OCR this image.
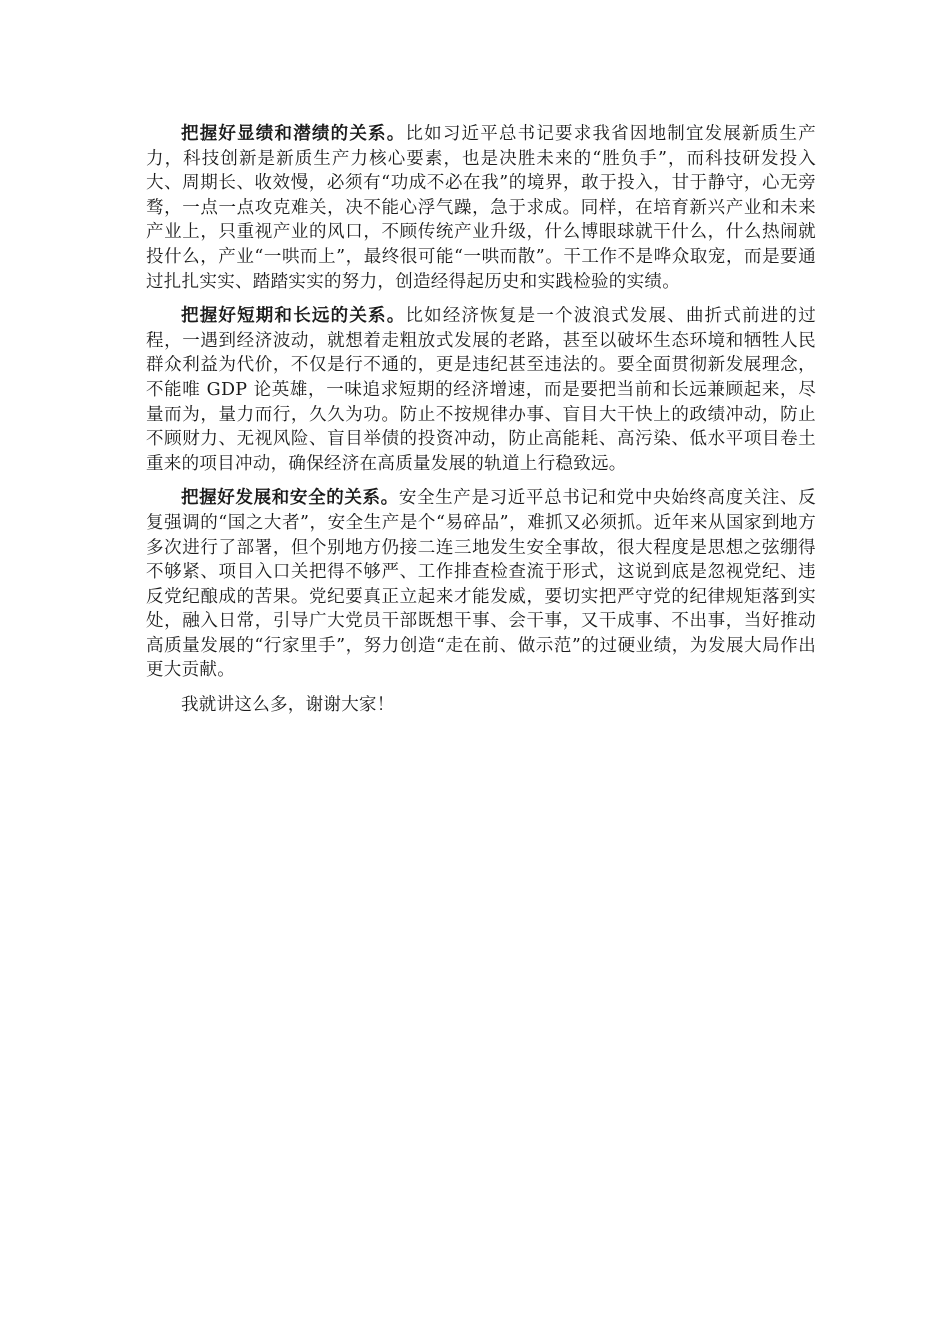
把握好显绩和潜绩的关系。比如习近平总书记要求我省因地制宜发展新质生产力，科技创新是新质生产力核心要素，也是决胜未来的“胜负手”，而科技研发投入大、周期长、收效慢，必须有“功成不必在我”的境界，敢于投入，甘于静守，心无旁骛，一点一点攻克难关，决不能心浮气躁，急于求成。同样，在培育新兴产业和未来产业上，只重视产业的风口，不顾传统产业升级，什么博眼球就干什么，什么热闹就投什么，产业“一哄而上”，最终很可能“一哄而散”。干工作不是哗众取宠，而是要通过扎扎实实、踏踏实实的努力，创造经得起历史和实践检验的实绩。

把握好短期和长远的关系。比如经济恢复是一个波浪式发展、曲折式前进的过程，一遇到经济波动，就想着走粗放式发展的老路，甚至以破坏生态环境和牺牲人民群众利益为代价，不仅是行不通的，更是违纪甚至违法的。要全面贯彻新发展理念，不能唯 GDP 论英雄，一味追求短期的经济增速，而是要把当前和长远兼顾起来，尽量而为，量力而行，久久为功。防止不按规律办事、盲目大干快上的政绩冲动，防止不顾财力、无视风险、盲目举债的投资冲动，防止高能耗、高污染、低水平项目卷土重来的项目冲动，确保经济在高质量发展的轨道上行稳致远。

把握好发展和安全的关系。安全生产是习近平总书记和党中央始终高度关注、反复强调的“国之大者”，安全生产是个“易碎品”，难抓又必须抓。近年来从国家到地方多次进行了部署，但个别地方仍接二连三地发生安全事故，很大程度是思想之弦绷得不够紧、项目入口关把得不够严、工作排查检查流于形式，这说到底是忽视党纪、违反党纪酿成的苦果。党纪要真正立起来才能发威，要切实把严守党的纪律规矩落到实处，融入日常，引导广大党员干部既想干事、会干事，又干成事、不出事，当好推动高质量发展的“行家里手”，努力创造“走在前、做示范”的过硬业绩，为发展大局作出更大贡献。

我就讲这么多，谢谢大家！
